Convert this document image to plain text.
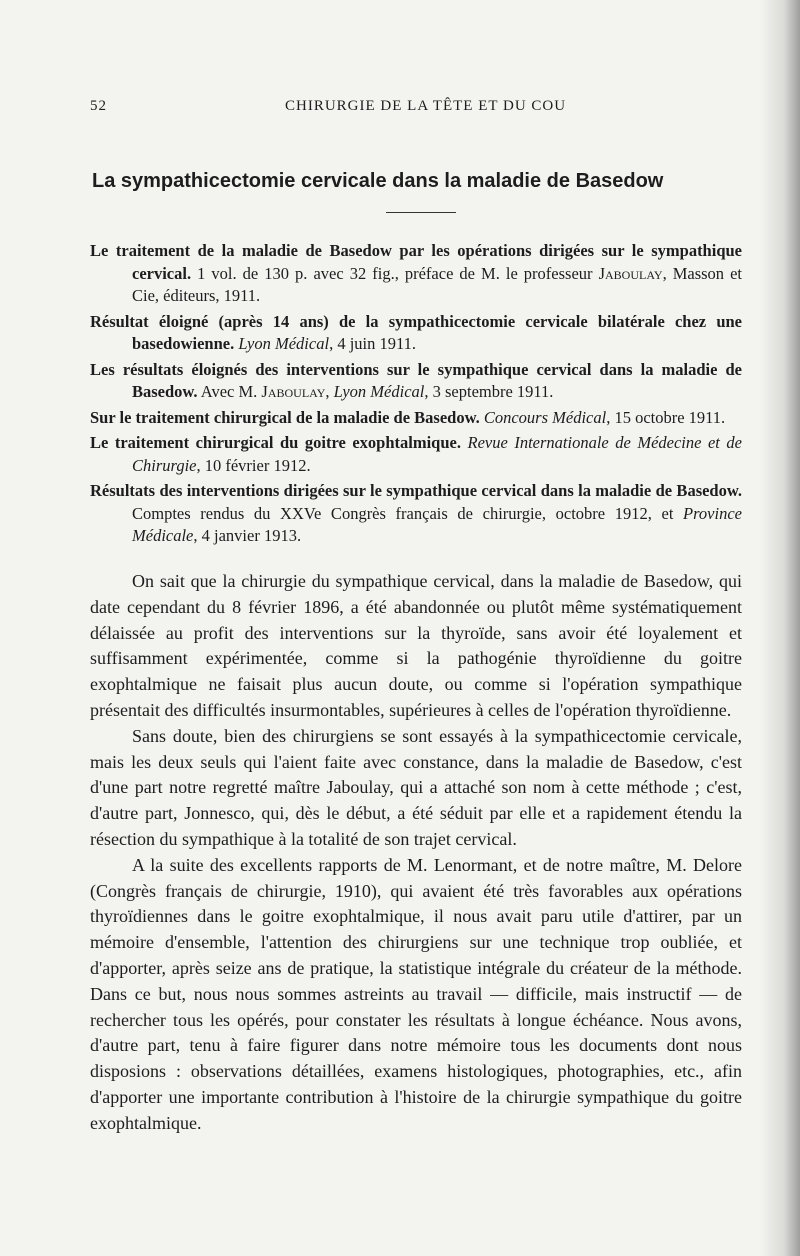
52	CHIRURGIE DE LA TÊTE ET DU COU
La sympathicectomie cervicale dans la maladie de Basedow

Le traitement de la maladie de Basedow par les opérations dirigées sur le sympathique cervical. 1 vol. de 130 p. avec 32 fig., préface de M. le professeur Jaboulay, Masson et Cie, éditeurs, 1911.

Résultat éloigné (après 14 ans) de la sympathicectomie cervicale bilatérale chez une basedowienne. Lyon Médical, 4 juin 1911.

Les résultats éloignés des interventions sur le sympathique cervical dans la maladie de Basedow. Avec M. Jaboulay, Lyon Médical, 3 septembre 1911.

Sur le traitement chirurgical de la maladie de Basedow. Concours Médical, 15 octobre 1911.

Le traitement chirurgical du goitre exophtalmique. Revue Internationale de Médecine et de Chirurgie, 10 février 1912.

Résultats des interventions dirigées sur le sympathique cervical dans la maladie de Basedow. Comptes rendus du XXVe Congrès français de chirurgie, octobre 1912, et Province Médicale, 4 janvier 1913.

On sait que la chirurgie du sympathique cervical, dans la maladie de Basedow, qui date cependant du 8 février 1896, a été abandonnée ou plutôt même systématiquement délaissée au profit des interventions sur la thyroïde, sans avoir été loyalement et suffisamment expérimentée, comme si la pathogénie thyroïdienne du goitre exophtalmique ne faisait plus aucun doute, ou comme si l'opération sympathique présentait des difficultés insurmontables, supérieures à celles de l'opération thyroïdienne.

Sans doute, bien des chirurgiens se sont essayés à la sympathicectomie cervicale, mais les deux seuls qui l'aient faite avec constance, dans la maladie de Basedow, c'est d'une part notre regretté maître Jaboulay, qui a attaché son nom à cette méthode ; c'est, d'autre part, Jonnesco, qui, dès le début, a été séduit par elle et a rapidement étendu la résection du sympathique à la totalité de son trajet cervical.

A la suite des excellents rapports de M. Lenormant, et de notre maître, M. Delore (Congrès français de chirurgie, 1910), qui avaient été très favorables aux opérations thyroïdiennes dans le goitre exophtalmique, il nous avait paru utile d'attirer, par un mémoire d'ensemble, l'attention des chirurgiens sur une technique trop oubliée, et d'apporter, après seize ans de pratique, la statistique intégrale du créateur de la méthode. Dans ce but, nous nous sommes astreints au travail — difficile, mais instructif — de rechercher tous les opérés, pour constater les résultats à longue échéance. Nous avons, d'autre part, tenu à faire figurer dans notre mémoire tous les documents dont nous disposions : observations détaillées, examens histologiques, photographies, etc., afin d'apporter une importante contribution à l'histoire de la chirurgie sympathique du goitre exophtalmique.
